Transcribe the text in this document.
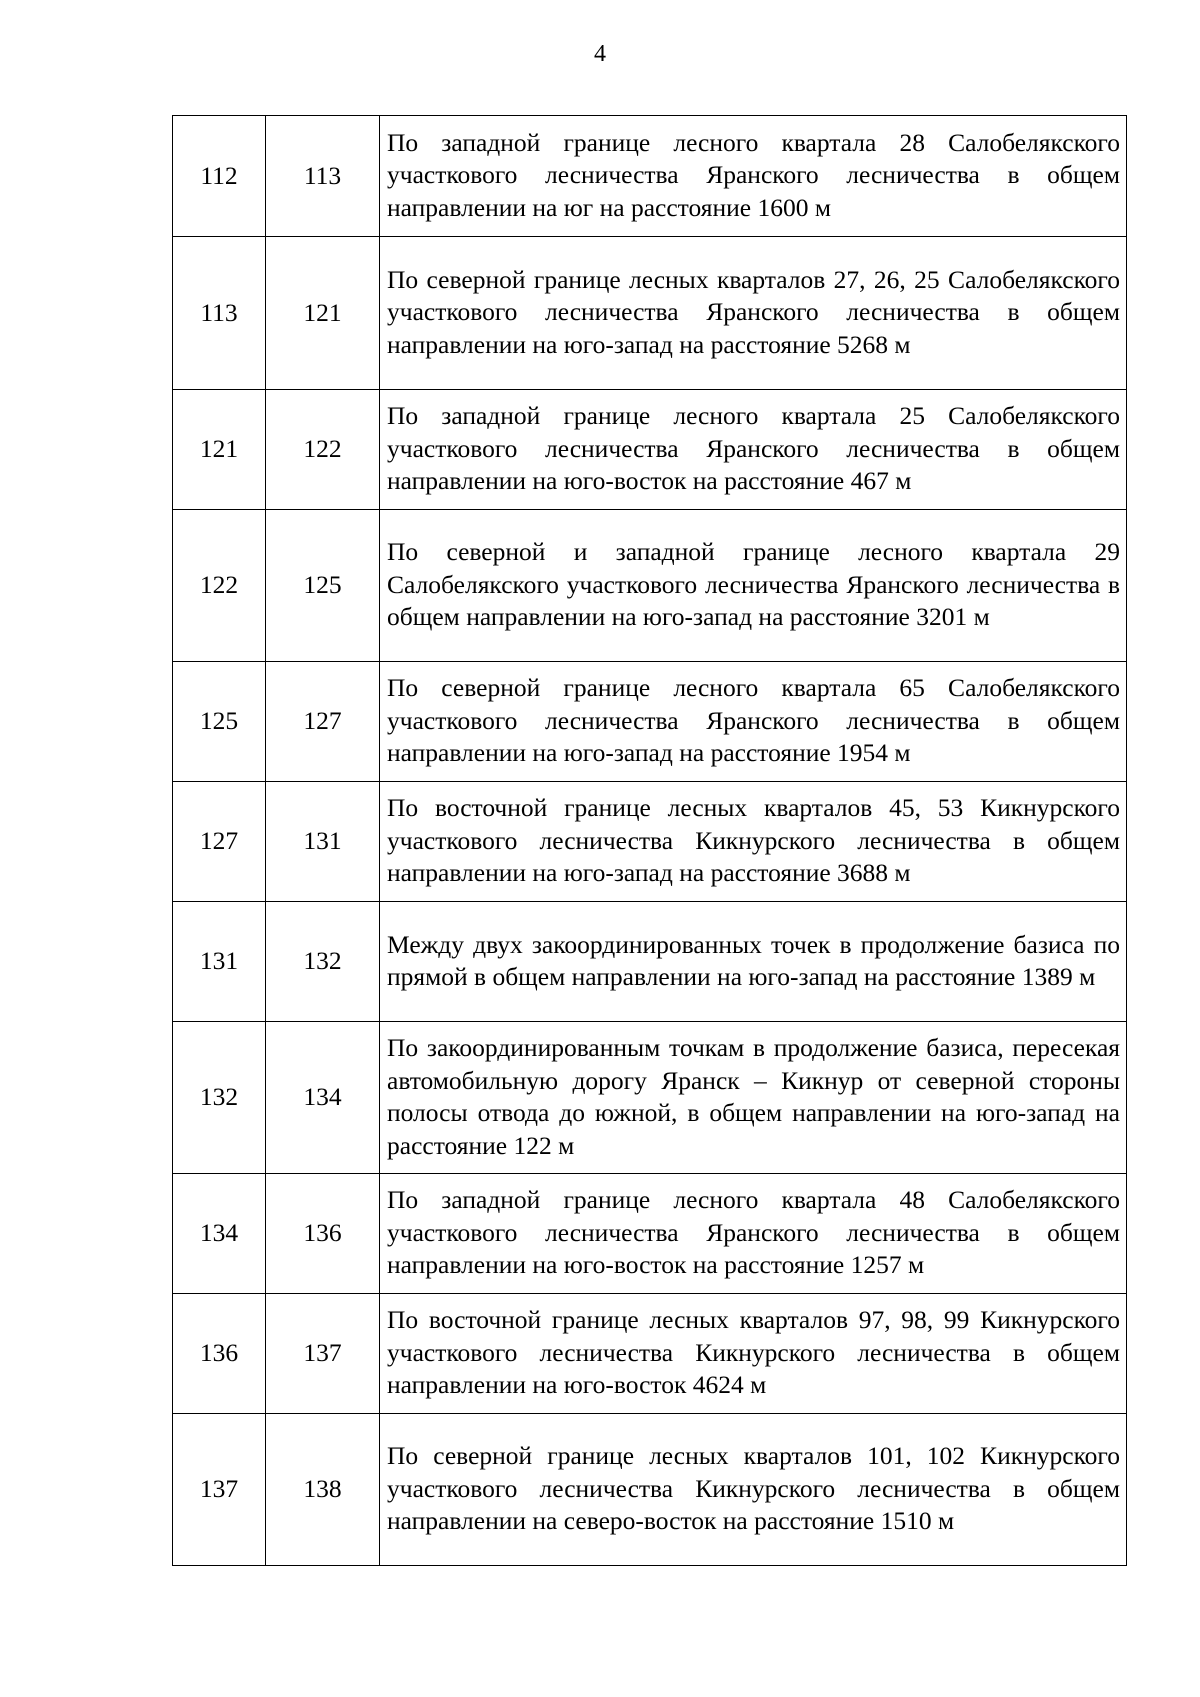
4
112	113	По западной границе лесного квартала 28 Салобелякского участкового лесничества Яранского лесничества в общем направлении на юг на расстояние 1600 м
113	121	По северной границе лесных кварталов 27, 26, 25 Салобелякского участкового лесничества Яранского лесничества в общем направлении на юго-запад на расстояние 5268 м
121	122	По западной границе лесного квартала 25 Салобелякского участкового лесничества Яранского лесничества в общем направлении на юго-восток на расстояние 467 м
122	125	По северной и западной границе лесного квартала 29 Салобелякского участкового лесничества Яранского лесничества в общем направлении на юго-запад на расстояние 3201 м
125	127	По северной границе лесного квартала 65 Салобелякского участкового лесничества Яранского лесничества в общем направлении на юго-запад на расстояние 1954 м
127	131	По восточной границе лесных кварталов 45, 53 Кикнурского участкового лесничества Кикнурского лесничества в общем направлении на юго-запад на расстояние 3688 м
131	132	Между двух закоординированных точек в продолжение базиса по прямой в общем направлении на юго-запад на расстояние 1389 м
132	134	По закоординированным точкам в продолжение базиса, пересекая автомобильную дорогу Яранск – Кикнур от северной стороны полосы отвода до южной, в общем направлении на юго-запад на расстояние 122 м
134	136	По западной границе лесного квартала 48 Салобелякского участкового лесничества Яранского лесничества в общем направлении на юго-восток на расстояние 1257 м
136	137	По восточной границе лесных кварталов 97, 98, 99 Кикнурского участкового лесничества Кикнурского лесничества в общем направлении на юго-восток 4624 м
137	138	По северной границе лесных кварталов 101, 102 Кикнурского участкового лесничества Кикнурского лесничества в общем направлении на северо-восток на расстояние 1510 м
